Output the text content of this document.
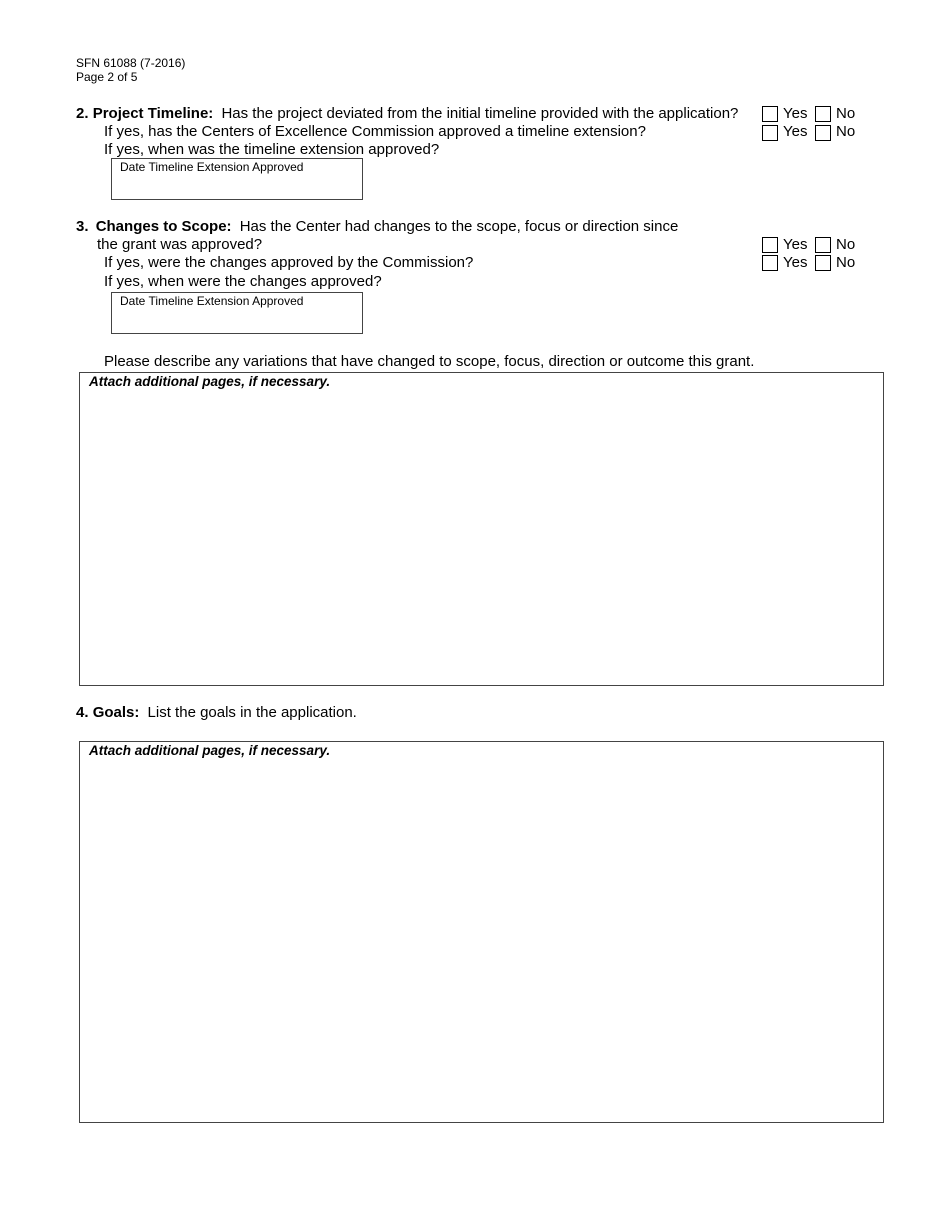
SFN 61088 (7-2016)
Page 2 of 5
2. Project Timeline: Has the project deviated from the initial timeline provided with the application?	Yes No
If yes, has the Centers of Excellence Commission approved a timeline extension?	Yes No
If yes, when was the timeline extension approved?
Date Timeline Extension Approved
3. Changes to Scope: Has the Center had changes to the scope, focus or direction since
the grant was approved?	Yes No
If yes, were the changes approved by the Commission?	Yes No
If yes, when were the changes approved?
Date Timeline Extension Approved
Please describe any variations that have changed to scope, focus, direction or outcome this grant.
Attach additional pages, if necessary.
4. Goals: List the goals in the application.
Attach additional pages, if necessary.
